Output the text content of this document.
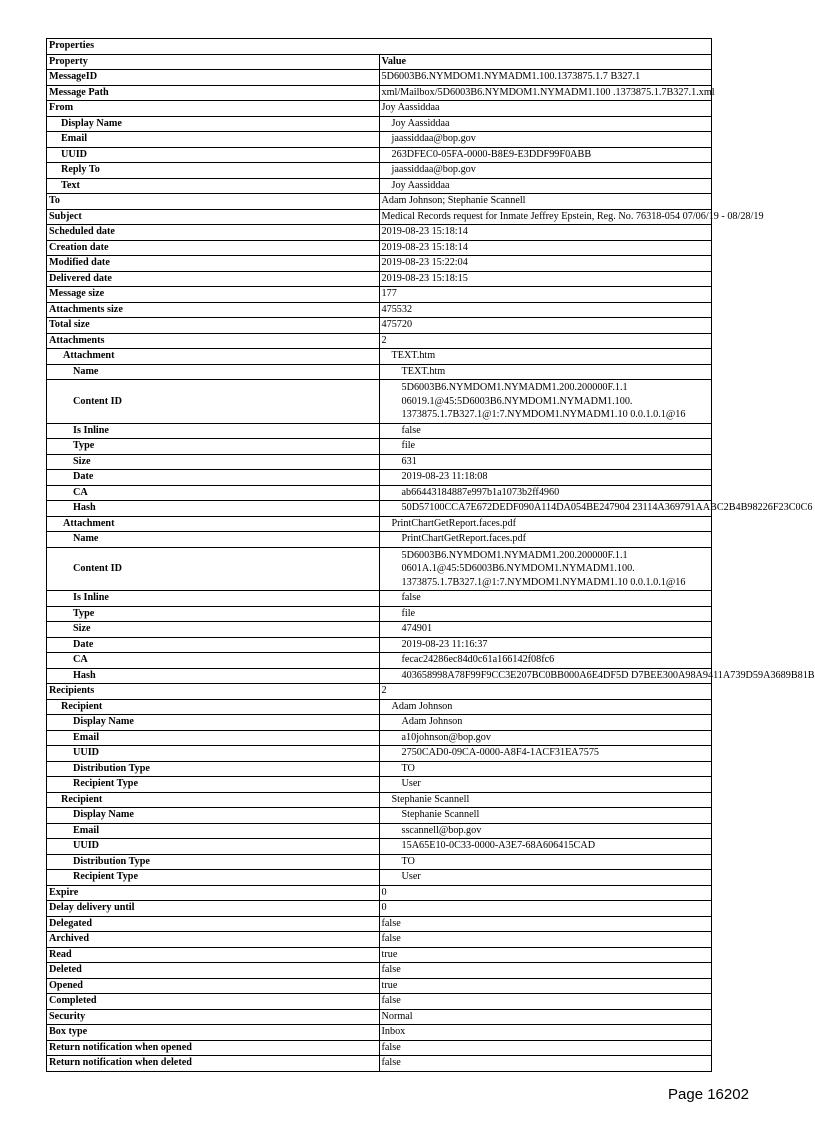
Properties	
Property	Value
MessageID	5D6003B6.NYMDOM1.NYMADM1.100.1373875.1.7 B327.1
Message Path	xml/Mailbox/5D6003B6.NYMDOM1.NYMADM1.100 .1373875.1.7B327.1.xml
From	Joy Aassiddaa
Display Name	Joy Aassiddaa
Email	jaassiddaa@bop.gov
UUID	263DFEC0-05FA-0000-B8E9-E3DDF99F0ABB
Reply To	jaassiddaa@bop.gov
Text	Joy Aassiddaa
To	Adam Johnson; Stephanie Scannell
Subject	Medical Records request for Inmate Jeffrey Epstein, Reg. No. 76318-054 07/06/19 - 08/28/19
Scheduled date	2019-08-23 15:18:14
Creation date	2019-08-23 15:18:14
Modified date	2019-08-23 15:22:04
Delivered date	2019-08-23 15:18:15
Message size	177
Attachments size	475532
Total size	475720
Attachments	2
Attachment	TEXT.htm
Name	TEXT.htm
Content ID	5D6003B6.NYMDOM1.NYMADM1.200.200000F.1.1
06019.1@45:5D6003B6.NYMDOM1.NYMADM1.100.
1373875.1.7B327.1@1:7.NYMDOM1.NYMADM1.10 0.0.1.0.1@16

Is Inline	false
Type	file
Size	631
Date	2019-08-23 11:18:08
CA	ab66443184887e997b1a1073b2ff4960
Hash	50D57100CCA7E672DEDF090A114DA054BE247904 23114A369791AABC2B4B98226F23C0C6
Attachment	PrintChartGetReport.faces.pdf
Name	PrintChartGetReport.faces.pdf
Content ID	5D6003B6.NYMDOM1.NYMADM1.200.200000F.1.1
0601A.1@45:5D6003B6.NYMDOM1.NYMADM1.100.
1373875.1.7B327.1@1:7.NYMDOM1.NYMADM1.10 0.0.1.0.1@16

Is Inline	false
Type	file
Size	474901
Date	2019-08-23 11:16:37
CA	fecac24286ec84d0c61a166142f08fc6
Hash	403658998A78F99F9CC3E207BC0BB000A6E4DF5D D7BEE300A98A9411A739D59A3689B81B
Recipients	2
Recipient	Adam Johnson
Display Name	Adam Johnson
Email	a10johnson@bop.gov
UUID	2750CAD0-09CA-0000-A8F4-1ACF31EA7575
Distribution Type	TO
Recipient Type	User
Recipient	Stephanie Scannell
Display Name	Stephanie Scannell
Email	sscannell@bop.gov
UUID	15A65E10-0C33-0000-A3E7-68A606415CAD
Distribution Type	TO
Recipient Type	User
Expire	0
Delay delivery until	0
Delegated	false
Archived	false
Read	true
Deleted	false
Opened	true
Completed	false
Security	Normal
Box type	Inbox
Return notification when opened	false
Return notification when deleted	false
Page 16202
